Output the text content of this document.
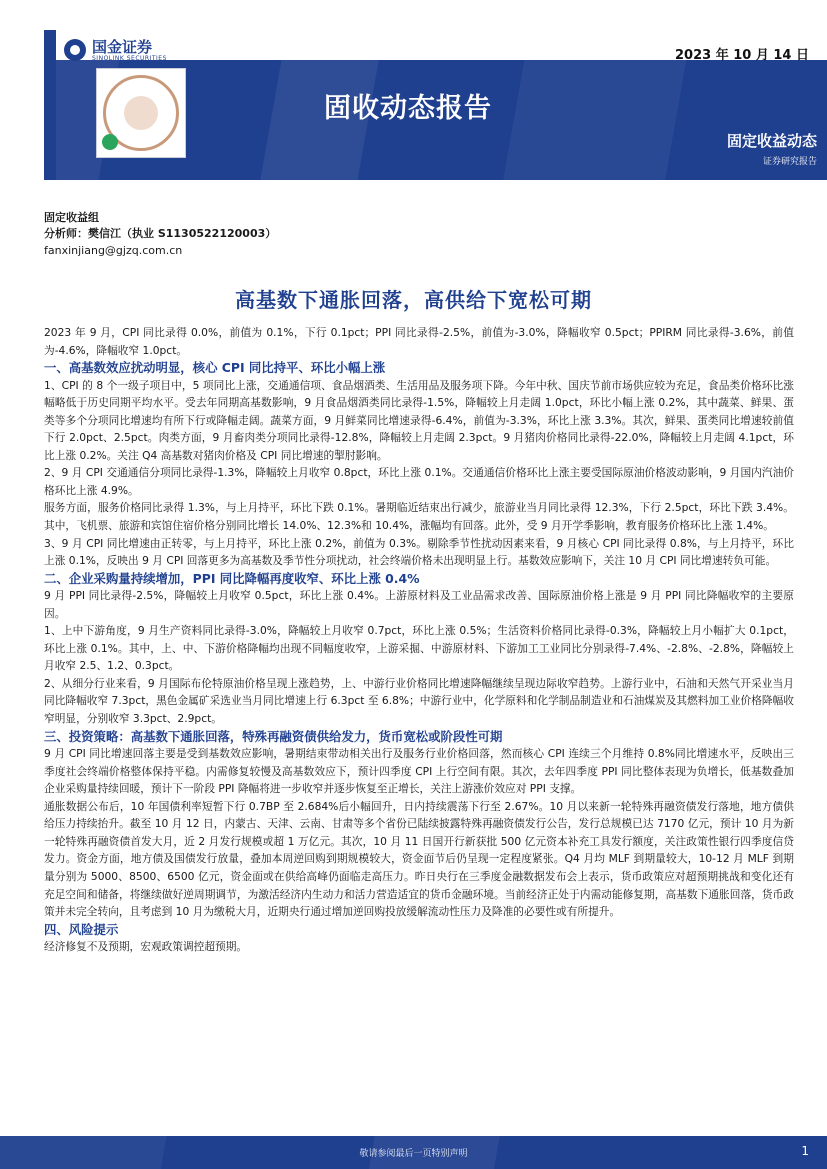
国金证券
SINOLINK SECURITIES	2023 年 10 月 14 日
固收动态报告
固定收益动态
证券研究报告
固定收益组
分析师：樊信江（执业 S1130522120003）
fanxinjiang@gjzq.com.cn
高基数下通胀回落，高供给下宽松可期

2023 年 9 月，CPI 同比录得 0.0%，前值为 0.1%，下行 0.1pct；PPI 同比录得-2.5%，前值为-3.0%，降幅收窄 0.5pct；PPIRM 同比录得-3.6%，前值为-4.6%，降幅收窄 1.0pct。

一、高基数效应扰动明显，核心 CPI 同比持平、环比小幅上涨

1、CPI 的 8 个一级子项目中，5 项同比上涨，交通通信项、食品烟酒类、生活用品及服务项下降。今年中秋、国庆节前市场供应较为充足，食品类价格环比涨幅略低于历史同期平均水平。受去年同期高基数影响，9 月食品烟酒类同比录得-1.5%，降幅较上月走阔 1.0pct，环比小幅上涨 0.2%，其中蔬菜、鲜果、蛋类等多个分项同比增速均有所下行或降幅走阔。蔬菜方面，9 月鲜菜同比增速录得-6.4%，前值为-3.3%，环比上涨 3.3%。其次，鲜果、蛋类同比增速较前值下行 2.0pct、2.5pct。肉类方面，9 月畜肉类分项同比录得-12.8%，降幅较上月走阔 2.3pct。9 月猪肉价格同比录得-22.0%，降幅较上月走阔 4.1pct，环比上涨 0.2%。关注 Q4 高基数对猪肉价格及 CPI 同比增速的掣肘影响。

2、9 月 CPI 交通通信分项同比录得-1.3%，降幅较上月收窄 0.8pct，环比上涨 0.1%。交通通信价格环比上涨主要受国际原油价格波动影响，9 月国内汽油价格环比上涨 4.9%。

服务方面，服务价格同比录得 1.3%，与上月持平，环比下跌 0.1%。暑期临近结束出行减少，旅游业当月同比录得 12.3%，下行 2.5pct，环比下跌 3.4%。其中，飞机票、旅游和宾馆住宿价格分别同比增长 14.0%、12.3%和 10.4%，涨幅均有回落。此外，受 9 月开学季影响，教育服务价格环比上涨 1.4%。

3、9 月 CPI 同比增速由正转零，与上月持平，环比上涨 0.2%，前值为 0.3%。剔除季节性扰动因素来看，9 月核心 CPI 同比录得 0.8%，与上月持平，环比上涨 0.1%，反映出 9 月 CPI 回落更多为高基数及季节性分项扰动，社会终端价格未出现明显上行。基数效应影响下，关注 10 月 CPI 同比增速转负可能。

二、企业采购量持续增加，PPI 同比降幅再度收窄、环比上涨 0.4%

9 月 PPI 同比录得-2.5%，降幅较上月收窄 0.5pct，环比上涨 0.4%。上游原材料及工业品需求改善、国际原油价格上涨是 9 月 PPI 同比降幅收窄的主要原因。

1、上中下游角度，9 月生产资料同比录得-3.0%，降幅较上月收窄 0.7pct，环比上涨 0.5%；生活资料价格同比录得-0.3%，降幅较上月小幅扩大 0.1pct，环比上涨 0.1%。其中，上、中、下游价格降幅均出现不同幅度收窄，上游采掘、中游原材料、下游加工工业同比分别录得-7.4%、-2.8%、-2.8%，降幅较上月收窄 2.5、1.2、0.3pct。

2、从细分行业来看，9 月国际布伦特原油价格呈现上涨趋势，上、中游行业价格同比增速降幅继续呈现边际收窄趋势。上游行业中，石油和天然气开采业当月同比降幅收窄 7.3pct，黑色金属矿采选业当月同比增速上行 6.3pct 至 6.8%；中游行业中，化学原料和化学制品制造业和石油煤炭及其燃料加工业价格降幅收窄明显，分别收窄 3.3pct、2.9pct。

三、投资策略：高基数下通胀回落，特殊再融资债供给发力，货币宽松或阶段性可期

9 月 CPI 同比增速回落主要是受到基数效应影响，暑期结束带动相关出行及服务行业价格回落，然而核心 CPI 连续三个月维持 0.8%同比增速水平，反映出三季度社会终端价格整体保持平稳。内需修复较慢及高基数效应下，预计四季度 CPI 上行空间有限。其次，去年四季度 PPI 同比整体表现为负增长，低基数叠加企业采购量持续回暖，预计下一阶段 PPI 降幅将进一步收窄并逐步恢复至正增长，关注上游涨价效应对 PPI 支撑。

通胀数据公布后，10 年国债利率短暂下行 0.7BP 至 2.684%后小幅回升，日内持续震荡下行至 2.67%。10 月以来新一轮特殊再融资债发行落地，地方债供给压力持续抬升。截至 10 月 12 日，内蒙古、天津、云南、甘肃等多个省份已陆续披露特殊再融资债发行公告，发行总规模已达 7170 亿元，预计 10 月为新一轮特殊再融资债首发大月，近 2 月发行规模或超 1 万亿元。其次，10 月 11 日国开行新获批 500 亿元资本补充工具发行额度，关注政策性银行四季度信贷发力。资金方面，地方债及国债发行放量，叠加本周逆回购到期规模较大，资金面节后仍呈现一定程度紧张。Q4 月均 MLF 到期量较大，10-12 月 MLF 到期量分别为 5000、8500、6500 亿元，资金面或在供给高峰仍面临走高压力。昨日央行在三季度金融数据发布会上表示，货币政策应对超预期挑战和变化还有充足空间和储备，将继续做好逆周期调节，为激活经济内生动力和活力营造适宜的货币金融环境。当前经济正处于内需动能修复期，高基数下通胀回落，货币政策并未完全转向，且考虑到 10 月为缴税大月，近期央行通过增加逆回购投放缓解流动性压力及降准的必要性或有所提升。

四、风险提示

经济修复不及预期，宏观政策调控超预期。

敬请参阅最后一页特别声明	1
